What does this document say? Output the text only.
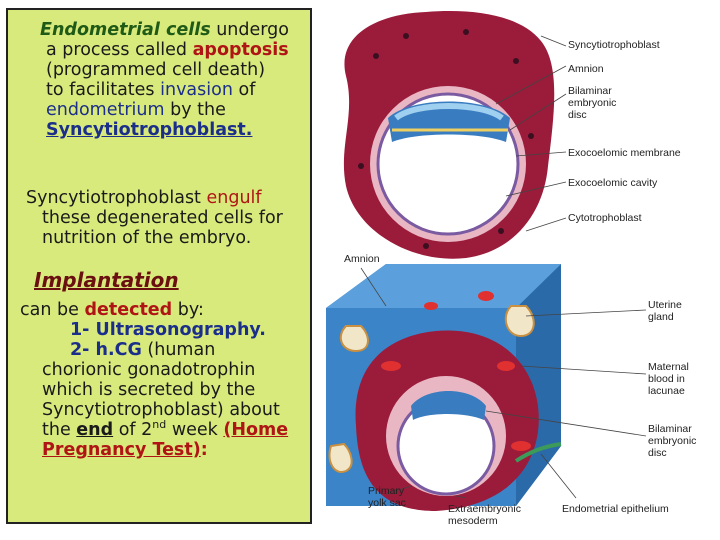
Endometrial cells undergo
a process called apoptosis
(programmed cell death)
to facilitates invasion of
endometrium by the
Syncytiotrophoblast.
Syncytiotrophoblast engulf
these degenerated cells for
nutrition of the embryo.
Implantation
can be detected by:
1- Ultrasonography.
2- h.CG (human
chorionic gonadotrophin
which is secreted by the
Syncytiotrophoblast) about
the end of 2nd week (Home
Pregnancy Test):
Syncytiotrophoblast
Amnion
Bilaminar
embryonic
disc
Exocoelomic membrane
Exocoelomic cavity
Cytotrophoblast
Amnion
Uterine
gland
Maternal
blood in
lacunae
Bilaminar
embryonic
disc
Primary
yolk sac	Extraembryonic
mesoderm
Endometrial epithelium
